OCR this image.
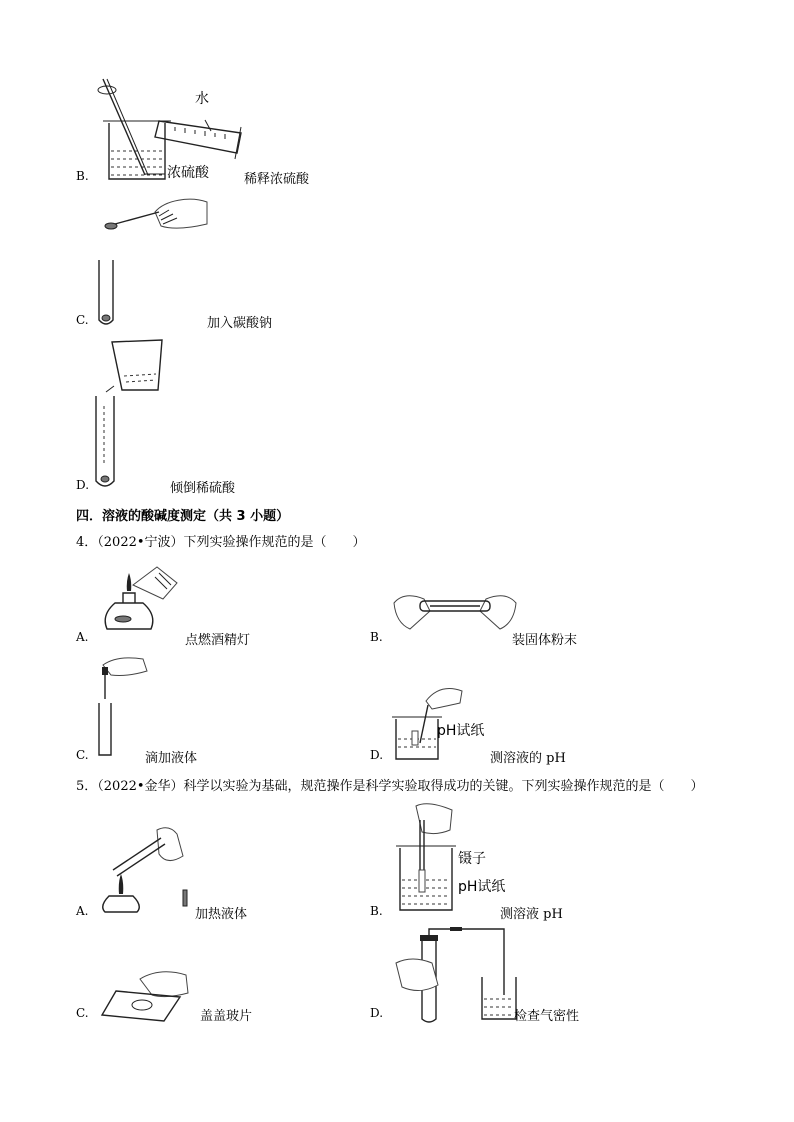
水
浓硫酸
B.	稀释浓硫酸
C.	加入碳酸钠
D.	倾倒稀硫酸
四．溶液的酸碱度测定（共 3 小题）
4．（2022•宁波）下列实验操作规范的是（　　）
A.	点燃酒精灯	B.	装固体粉末
C.	滴加液体
pH试纸
D.	测溶液的 pH
5．（2022•金华）科学以实验为基础，规范操作是科学实验取得成功的关键。下列实验操作规范的是（　　）
A.	加热液体
镊子
pH试纸
B.	测溶液 pH
C.	盖盖玻片	D.	检查气密性
